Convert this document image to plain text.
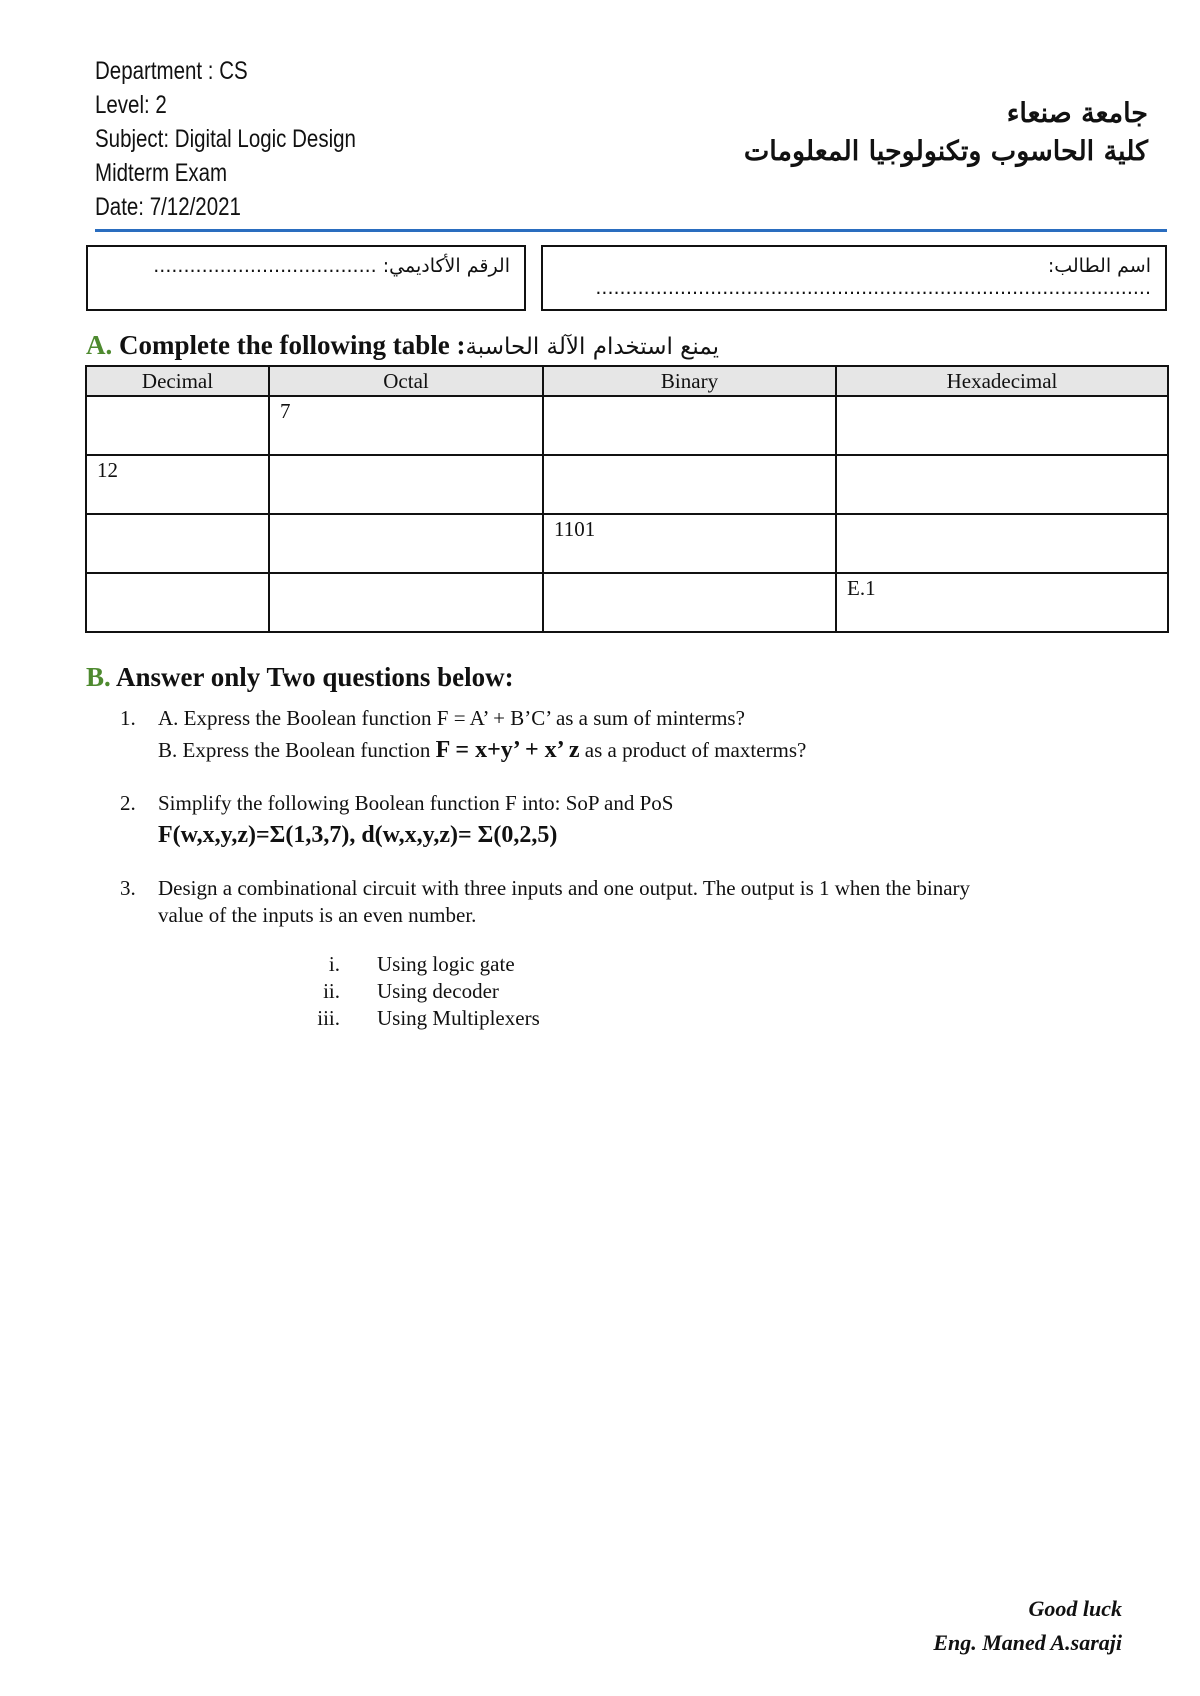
Department : CS
Level: 2
Subject: Digital Logic Design
Midterm Exam
Date: 7/12/2021
جامعة صنعاء
كلية الحاسوب وتكنولوجيا المعلومات
الرقم الأكاديمي: .....................................	اسم الطالب: ............................................................................................
A. Complete the following table :يمنع استخدام الآلة الحاسبة
Decimal	Octal	Binary	Hexadecimal
	7		
12			
		1101	
			E.1
B. Answer only Two questions below:
1.	A. Express the Boolean function F = A’ + B’C’ as a sum of minterms?
B. Express the Boolean function F = x+y’ + x’ z as a product of maxterms?
2.	Simplify the following Boolean function F into: SoP and PoS
F(w,x,y,z)=Σ(1,3,7), d(w,x,y,z)= Σ(0,2,5)
3.	Design a combinational circuit with three inputs and one output. The output is 1 when the binary
value of the inputs is an even number.
i. Using logic gate
ii. Using decoder
iii. Using Multiplexers
Good luck
Eng. Maned A.saraji
